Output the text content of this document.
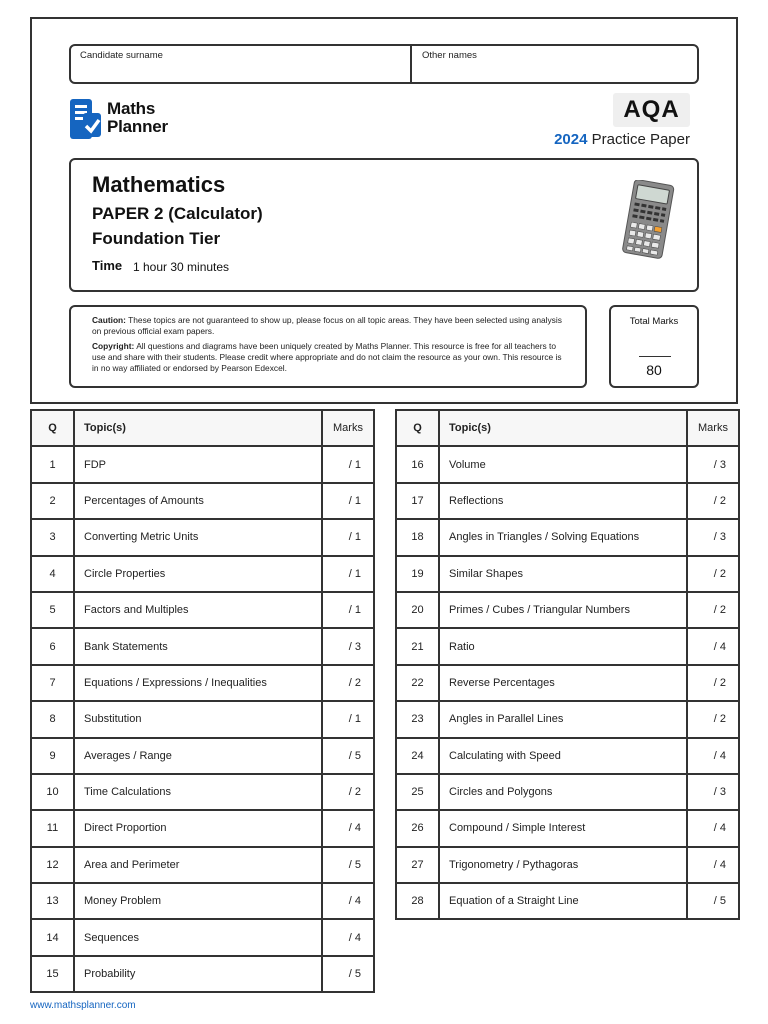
Candidate surname	Other names
Maths
Planner
AQA
2024 Practice Paper
Mathematics
PAPER 2 (Calculator)
Foundation Tier
Time 1 hour 30 minutes

Caution: These topics are not guaranteed to show up, please focus on all topic areas. They have been selected using analysis on previous official exam papers.

Copyright: All questions and diagrams have been uniquely created by Maths Planner. This resource is free for all teachers to use and share with their students. Please credit where appropriate and do not claim the resource as your own. This resource is in no way affiliated or endorsed by Pearson Edexcel.

Total Marks
80
Q	Topic(s)	Marks
1	FDP	/ 1
2	Percentages of Amounts	/ 1
3	Converting Metric Units	/ 1
4	Circle Properties	/ 1
5	Factors and Multiples	/ 1
6	Bank Statements	/ 3
7	Equations / Expressions / Inequalities	/ 2
8	Substitution	/ 1
9	Averages / Range	/ 5
10	Time Calculations	/ 2
11	Direct Proportion	/ 4
12	Area and Perimeter	/ 5
13	Money Problem	/ 4
14	Sequences	/ 4
15	Probability	/ 5
Q	Topic(s)	Marks
16	Volume	/ 3
17	Reflections	/ 2
18	Angles in Triangles / Solving Equations	/ 3
19	Similar Shapes	/ 2
20	Primes / Cubes / Triangular Numbers	/ 2
21	Ratio	/ 4
22	Reverse Percentages	/ 2
23	Angles in Parallel Lines	/ 2
24	Calculating with Speed	/ 4
25	Circles and Polygons	/ 3
26	Compound / Simple Interest	/ 4
27	Trigonometry / Pythagoras	/ 4
28	Equation of a Straight Line	/ 5
www.mathsplanner.com
